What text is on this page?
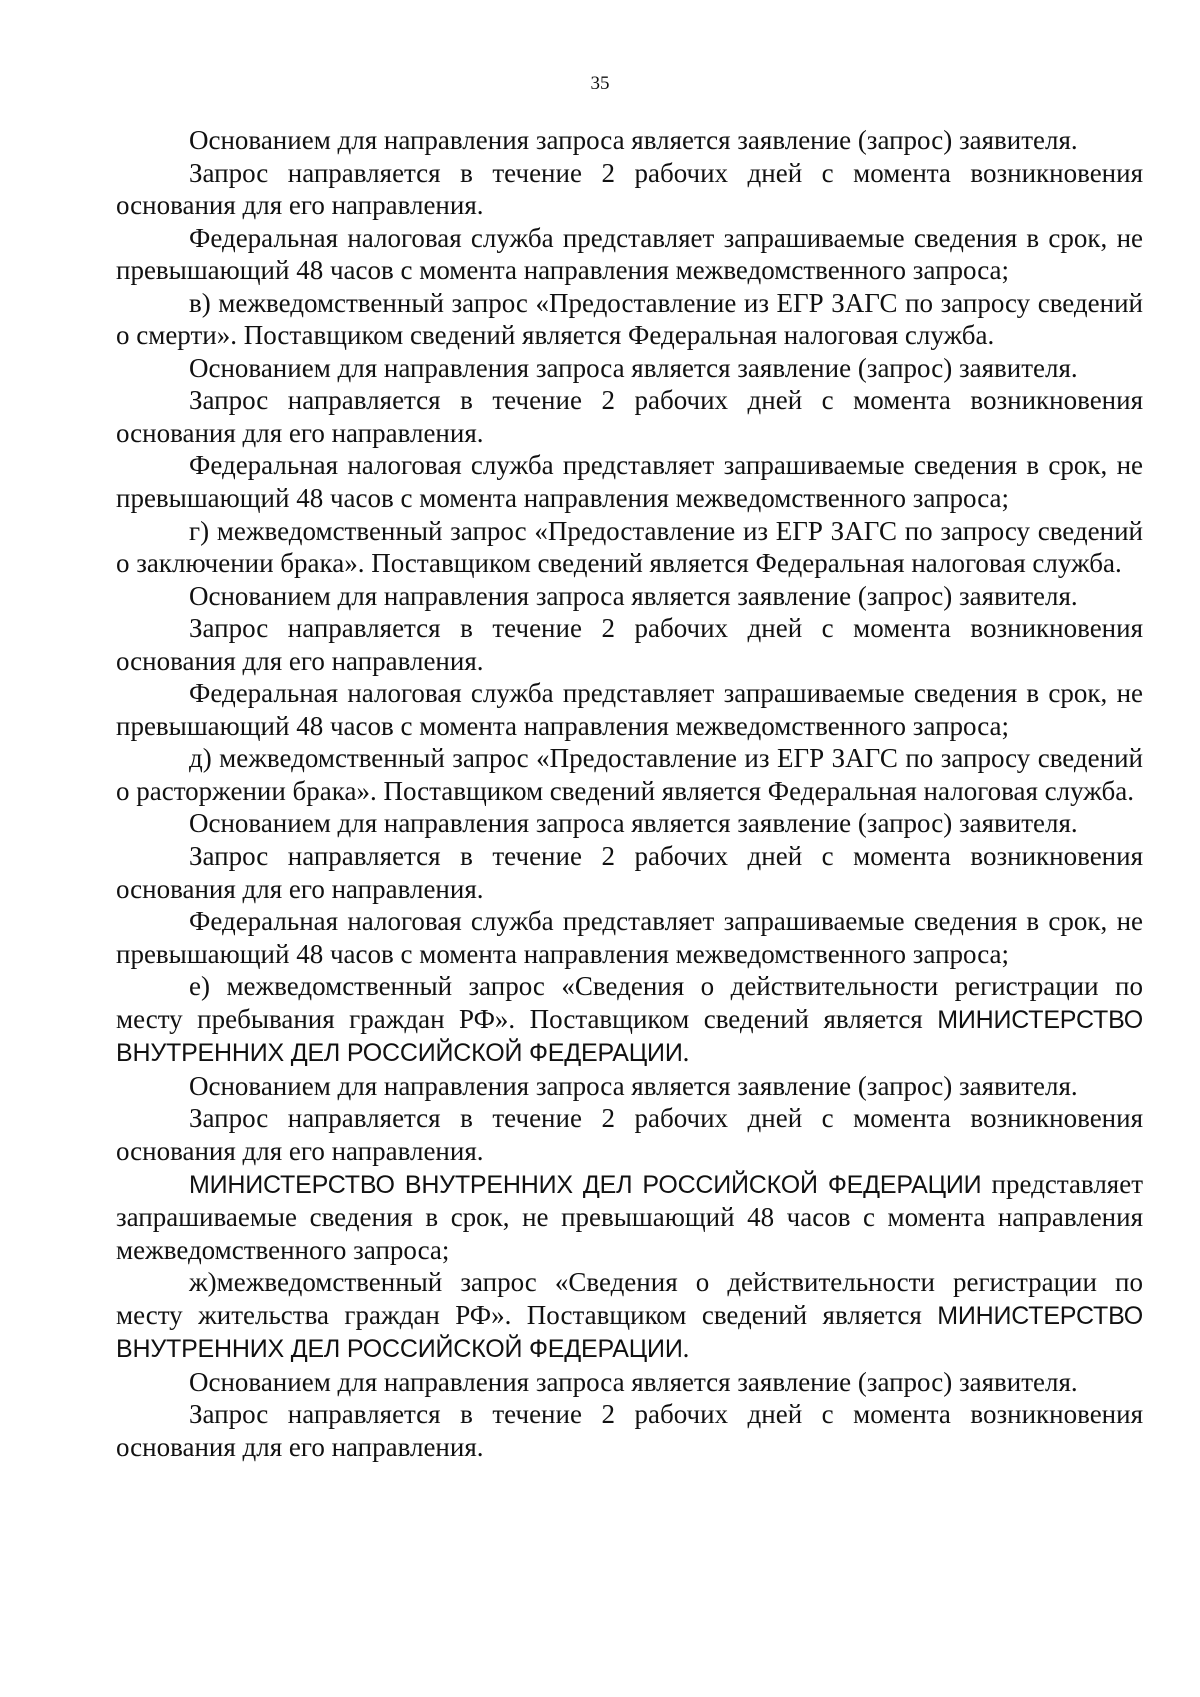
35

Основанием для направления запроса является заявление (запрос) заявителя.

Запрос направляется в течение 2 рабочих дней с момента возникновения основания для его направления.

Федеральная налоговая служба представляет запрашиваемые сведения в срок, не превышающий 48 часов с момента направления межведомственного запроса;

в) межведомственный запрос «Предоставление из ЕГР ЗАГС по запросу сведений о смерти». Поставщиком сведений является Федеральная налоговая служба.

Основанием для направления запроса является заявление (запрос) заявителя.

Запрос направляется в течение 2 рабочих дней с момента возникновения основания для его направления.

Федеральная налоговая служба представляет запрашиваемые сведения в срок, не превышающий 48 часов с момента направления межведомственного запроса;

г) межведомственный запрос «Предоставление из ЕГР ЗАГС по запросу сведений о заключении брака». Поставщиком сведений является Федеральная налоговая служба.

Основанием для направления запроса является заявление (запрос) заявителя.

Запрос направляется в течение 2 рабочих дней с момента возникновения основания для его направления.

Федеральная налоговая служба представляет запрашиваемые сведения в срок, не превышающий 48 часов с момента направления межведомственного запроса;

д) межведомственный запрос «Предоставление из ЕГР ЗАГС по запросу сведений о расторжении брака». Поставщиком сведений является Федеральная налоговая служба.

Основанием для направления запроса является заявление (запрос) заявителя.

Запрос направляется в течение 2 рабочих дней с момента возникновения основания для его направления.

Федеральная налоговая служба представляет запрашиваемые сведения в срок, не превышающий 48 часов с момента направления межведомственного запроса;

е) межведомственный запрос «Сведения о действительности регистрации по месту пребывания граждан РФ». Поставщиком сведений является МИНИСТЕРСТВО ВНУТРЕННИХ ДЕЛ РОССИЙСКОЙ ФЕДЕРАЦИИ.

Основанием для направления запроса является заявление (запрос) заявителя.

Запрос направляется в течение 2 рабочих дней с момента возникновения основания для его направления.

МИНИСТЕРСТВО ВНУТРЕННИХ ДЕЛ РОССИЙСКОЙ ФЕДЕРАЦИИ представляет запрашиваемые сведения в срок, не превышающий 48 часов с момента направления межведомственного запроса;

ж)межведомственный запрос «Сведения о действительности регистрации по месту жительства граждан РФ». Поставщиком сведений является МИНИСТЕРСТВО ВНУТРЕННИХ ДЕЛ РОССИЙСКОЙ ФЕДЕРАЦИИ.

Основанием для направления запроса является заявление (запрос) заявителя.

Запрос направляется в течение 2 рабочих дней с момента возникновения основания для его направления.
